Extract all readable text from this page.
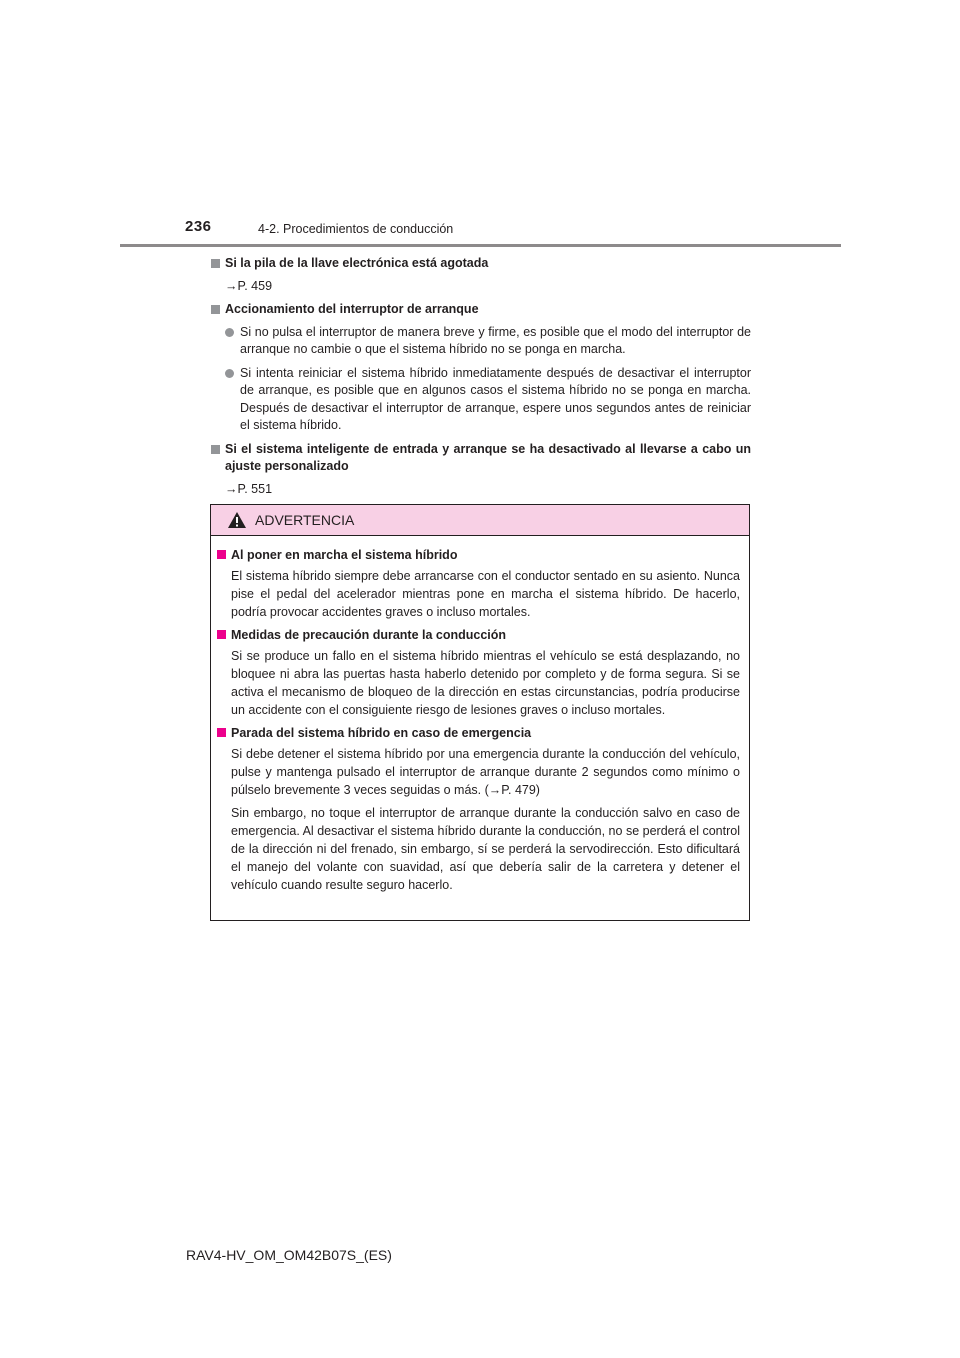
236	4-2. Procedimientos de conducción
Si la pila de la llave electrónica está agotada
→P. 459
Accionamiento del interruptor de arranque
Si no pulsa el interruptor de manera breve y firme, es posible que el modo del interruptor de arranque no cambie o que el sistema híbrido no se ponga en marcha.
Si intenta reiniciar el sistema híbrido inmediatamente después de desactivar el interruptor de arranque, es posible que en algunos casos el sistema híbrido no se ponga en marcha. Después de desactivar el interruptor de arranque, espere unos segundos antes de reiniciar el sistema híbrido.
Si el sistema inteligente de entrada y arranque se ha desactivado al llevarse a cabo un ajuste personalizado
→P. 551
ADVERTENCIA
Al poner en marcha el sistema híbrido
El sistema híbrido siempre debe arrancarse con el conductor sentado en su asiento. Nunca pise el pedal del acelerador mientras pone en marcha el sistema híbrido. De hacerlo, podría provocar accidentes graves o incluso mortales.
Medidas de precaución durante la conducción
Si se produce un fallo en el sistema híbrido mientras el vehículo se está desplazando, no bloquee ni abra las puertas hasta haberlo detenido por completo y de forma segura. Si se activa el mecanismo de bloqueo de la dirección en estas circunstancias, podría producirse un accidente con el consiguiente riesgo de lesiones graves o incluso mortales.
Parada del sistema híbrido en caso de emergencia
Si debe detener el sistema híbrido por una emergencia durante la conducción del vehículo, pulse y mantenga pulsado el interruptor de arranque durante 2 segundos como mínimo o púlselo brevemente 3 veces seguidas o más. (→P. 479)
Sin embargo, no toque el interruptor de arranque durante la conducción salvo en caso de emergencia. Al desactivar el sistema híbrido durante la conducción, no se perderá el control de la dirección ni del frenado, sin embargo, sí se perderá la servodirección. Esto dificultará el manejo del volante con suavidad, así que debería salir de la carretera y detener el vehículo cuando resulte seguro hacerlo.
RAV4-HV_OM_OM42B07S_(ES)
